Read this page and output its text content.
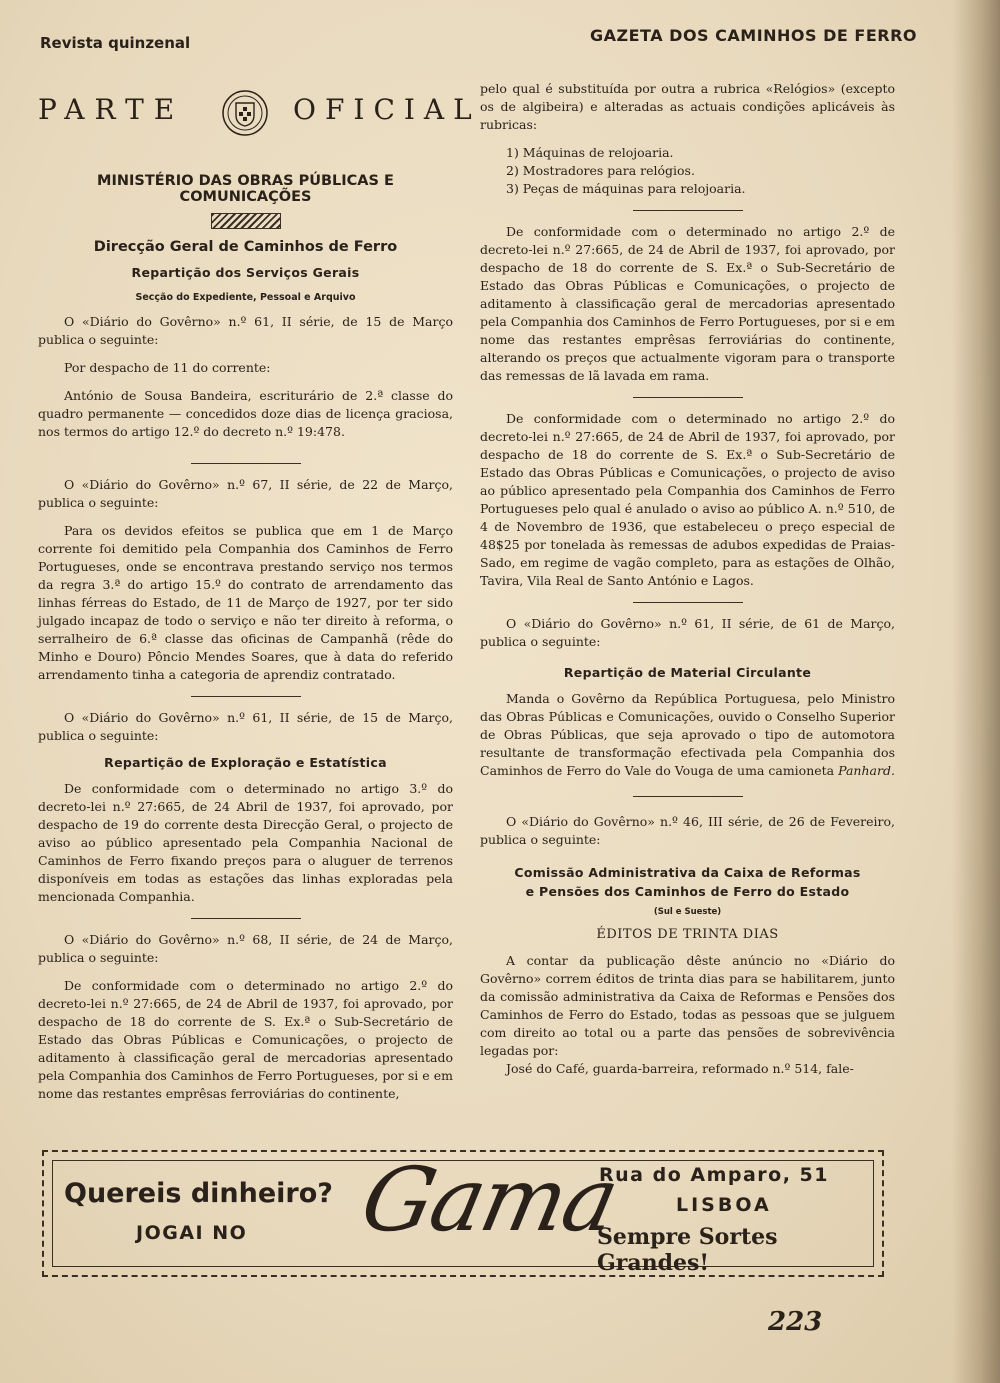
Revista quinzenal	GAZETA DOS CAMINHOS DE FERRO
PARTE	OFICIAL
MINISTÉRIO DAS OBRAS PÚBLICAS E COMUNICAÇÕES
Direcção Geral de Caminhos de Ferro
Repartição dos Serviços Gerais
Secção do Expediente, Pessoal e Arquivo

O «Diário do Govêrno» n.º 61, II série, de 15 de Março publica o seguinte:

Por despacho de 11 do corrente:

António de Sousa Bandeira, escriturário de 2.ª classe do quadro permanente — concedidos doze dias de licença graciosa, nos termos do artigo 12.º do decreto n.º 19:478.

O «Diário do Govêrno» n.º 67, II série, de 22 de Março, publica o seguinte:

Para os devidos efeitos se publica que em 1 de Março corrente foi demitido pela Companhia dos Caminhos de Ferro Portugueses, onde se encontrava prestando serviço nos termos da regra 3.ª do artigo 15.º do contrato de arrendamento das linhas férreas do Estado, de 11 de Março de 1927, por ter sido julgado incapaz de todo o serviço e não ter direito à reforma, o serralheiro de 6.ª classe das oficinas de Campanhã (rêde do Minho e Douro) Pôncio Mendes Soares, que à data do referido arrendamento tinha a categoria de aprendiz contratado.

O «Diário do Govêrno» n.º 61, II série, de 15 de Março, publica o seguinte:

Repartição de Exploração e Estatística

De conformidade com o determinado no artigo 3.º do decreto-lei n.º 27:665, de 24 Abril de 1937, foi aprovado, por despacho de 19 do corrente desta Direcção Geral, o projecto de aviso ao público apresentado pela Companhia Nacional de Caminhos de Ferro fixando preços para o aluguer de terrenos disponíveis em todas as estações das linhas exploradas pela mencionada Companhia.

O «Diário do Govêrno» n.º 68, II série, de 24 de Março, publica o seguinte:

De conformidade com o determinado no artigo 2.º do decreto-lei n.º 27:665, de 24 de Abril de 1937, foi aprovado, por despacho de 18 do corrente de S. Ex.ª o Sub-Secretário de Estado das Obras Públicas e Comunicações, o projecto de aditamento à classificação geral de mercadorias apresentado pela Companhia dos Caminhos de Ferro Portugueses, por si e em nome das restantes emprêsas ferroviárias do continente,

pelo qual é substituída por outra a rubrica «Relógios» (excepto os de algibeira) e alteradas as actuais condições aplicáveis às rubricas:

1) Máquinas de relojoaria.
2) Mostradores para relógios.
3) Peças de máquinas para relojoaria.

De conformidade com o determinado no artigo 2.º de decreto-lei n.º 27:665, de 24 de Abril de 1937, foi aprovado, por despacho de 18 do corrente de S. Ex.ª o Sub-Secretário de Estado das Obras Públicas e Comunicações, o projecto de aditamento à classificação geral de mercadorias apresentado pela Companhia dos Caminhos de Ferro Portugueses, por si e em nome das restantes emprêsas ferroviárias do continente, alterando os preços que actualmente vigoram para o transporte das remessas de lã lavada em rama.

De conformidade com o determinado no artigo 2.º do decreto-lei n.º 27:665, de 24 de Abril de 1937, foi aprovado, por despacho de 18 do corrente de S. Ex.ª o Sub-Secretário de Estado das Obras Públicas e Comunicações, o projecto de aviso ao público apresentado pela Companhia dos Caminhos de Ferro Portugueses pelo qual é anulado o aviso ao público A. n.º 510, de 4 de Novembro de 1936, que estabeleceu o preço especial de 48$25 por tonelada às remessas de adubos expedidas de Praias-Sado, em regime de vagão completo, para as estações de Olhão, Tavira, Vila Real de Santo António e Lagos.

O «Diário do Govêrno» n.º 61, II série, de 61 de Março, publica o seguinte:

Repartição de Material Circulante

Manda o Govêrno da República Portuguesa, pelo Ministro das Obras Públicas e Comunicações, ouvido o Conselho Superior de Obras Públicas, que seja aprovado o tipo de automotora resultante de transformação efectivada pela Companhia dos Caminhos de Ferro do Vale do Vouga de uma camioneta Panhard.

O «Diário do Govêrno» n.º 46, III série, de 26 de Fevereiro, publica o seguinte:

Comissão Administrativa da Caixa de Reformas
e Pensões dos Caminhos de Ferro do Estado
(Sul e Sueste)
ÉDITOS DE TRINTA DIAS

A contar da publicação dêste anúncio no «Diário do Govêrno» correm éditos de trinta dias para se habilitarem, junto da comissão administrativa da Caixa de Reformas e Pensões dos Caminhos de Ferro do Estado, todas as pessoas que se julguem com direito ao total ou a parte das pensões de sobrevivência legadas por:

José do Café, guarda-barreira, reformado n.º 514, fale-

Quereis dinheiro?
JOGAI NO Gama
Rua do Amparo, 51
LISBOA
Sempre Sortes Grandes!
223
